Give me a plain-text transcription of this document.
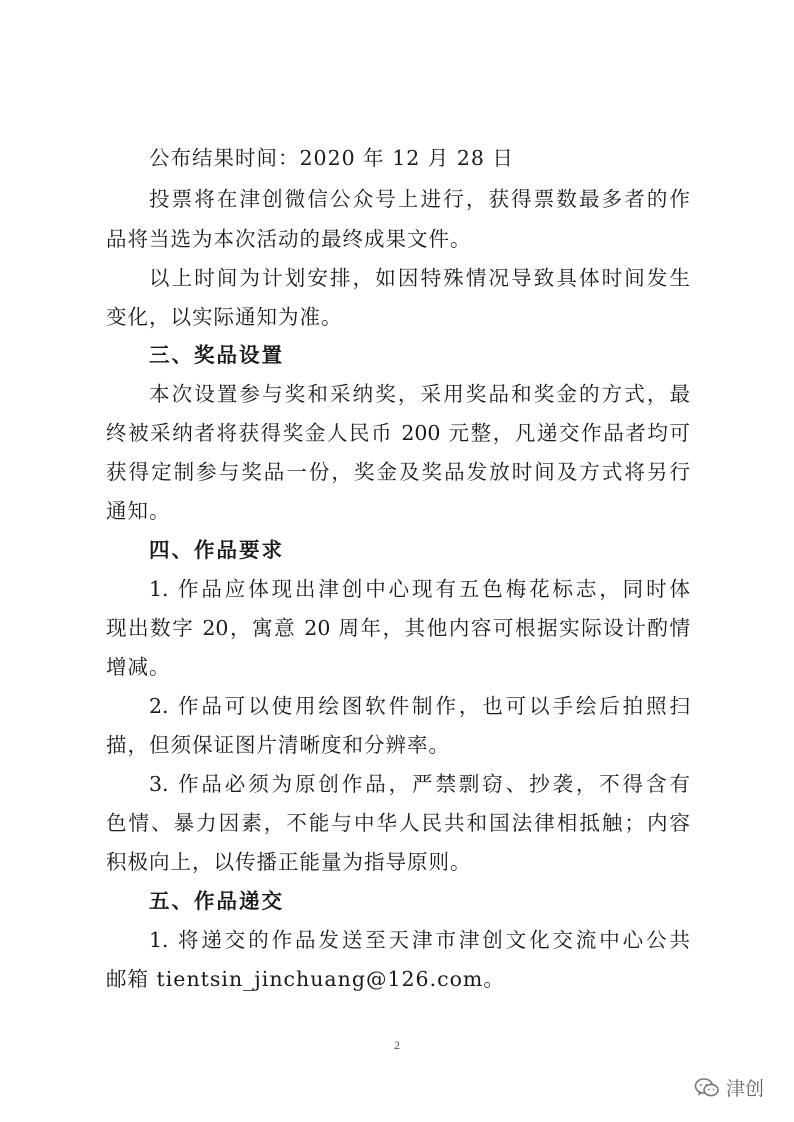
公布结果时间：2020 年 12 月 28 日
投票将在津创微信公众号上进行，获得票数最多者的作
品将当选为本次活动的最终成果文件。
以上时间为计划安排，如因特殊情况导致具体时间发生
变化，以实际通知为准。
三、奖品设置
本次设置参与奖和采纳奖，采用奖品和奖金的方式，最
终被采纳者将获得奖金人民币 200 元整，凡递交作品者均可
获得定制参与奖品一份，奖金及奖品发放时间及方式将另行
通知。
四、作品要求
1. 作品应体现出津创中心现有五色梅花标志，同时体
现出数字 20，寓意 20 周年，其他内容可根据实际设计酌情
增减。
2. 作品可以使用绘图软件制作，也可以手绘后拍照扫
描，但须保证图片清晰度和分辨率。
3. 作品必须为原创作品，严禁剽窃、抄袭，不得含有
色情、暴力因素，不能与中华人民共和国法律相抵触；内容
积极向上，以传播正能量为指导原则。
五、作品递交
1. 将递交的作品发送至天津市津创文化交流中心公共
邮箱 tientsin_jinchuang@126.com。
2
津创
